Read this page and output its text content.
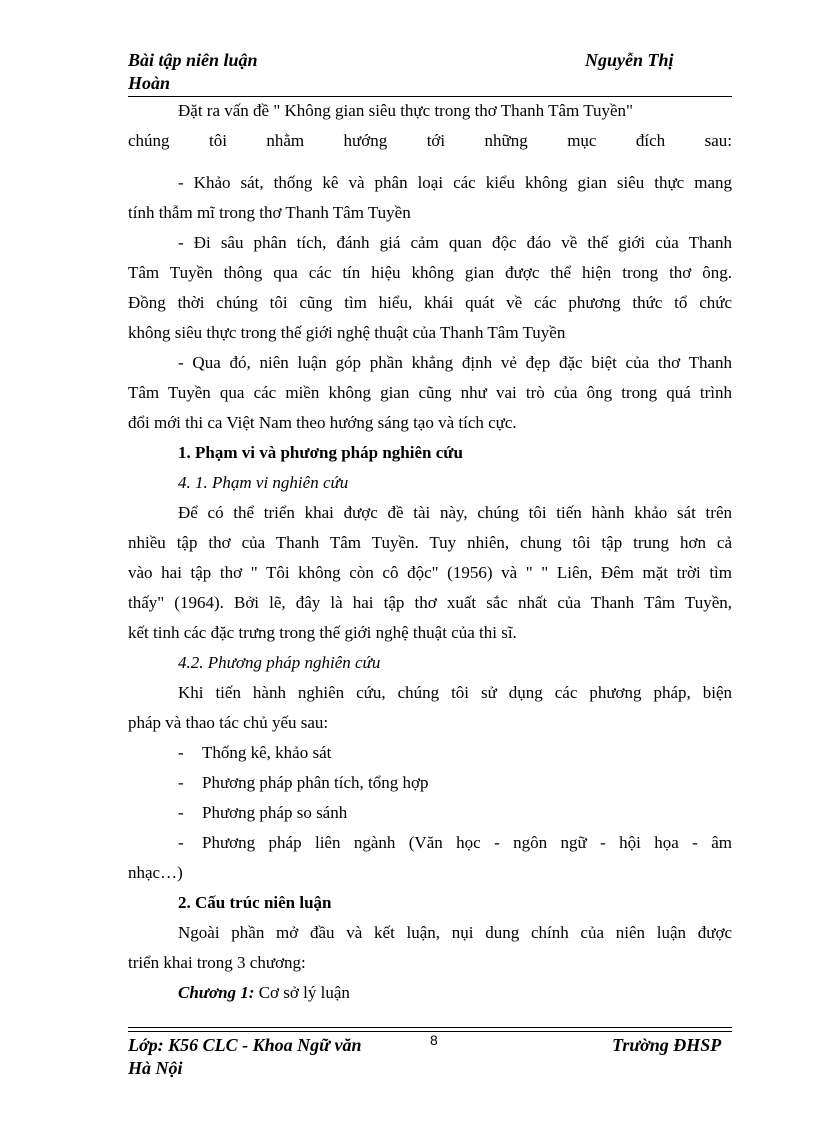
Bài tập niên luận	Nguyễn Thị
Hoàn
Đặt ra vấn đề " Không gian siêu thực trong thơ Thanh Tâm Tuyền"
chúng tôi nhằm hướng tới những mục đích sau:
- Khảo sát, thống kê và phân loại các kiểu không gian siêu thực mang
tính thẫm mĩ trong thơ Thanh Tâm Tuyền
- Đi sâu phân tích, đánh giá cảm quan độc đáo về thế giới của Thanh
Tâm Tuyền thông qua các tín hiệu không gian được thể hiện trong thơ ông.
Đồng thời chúng tôi cũng tìm hiểu, khái quát về các phương thức tổ chức
không siêu thực trong thế giới nghệ thuật của Thanh Tâm Tuyền
- Qua đó, niên luận góp phần khẳng định vẻ đẹp đặc biệt của thơ Thanh
Tâm Tuyền qua các miền không gian cũng như vai trò của ông trong quá trình
đổi mới thi ca Việt Nam theo hướng sáng tạo và tích cực.
1. Phạm vi và phương pháp nghiên cứu
4. 1. Phạm vi nghiên cứu
Để có thể triển khai được đề tài này, chúng tôi tiến hành khảo sát trên
nhiều tập thơ của Thanh Tâm Tuyền. Tuy nhiên, chung tôi tập trung hơn cả
vào hai tập thơ " Tôi không còn cô độc" (1956) và " " Liên, Đêm mặt trời tìm
thấy" (1964). Bởi lẽ, đây là hai tập thơ xuất sắc nhất của Thanh Tâm Tuyền,
kết tinh các đặc trưng trong thế giới nghệ thuật của thi sĩ.
4.2. Phương pháp nghiên cứu
Khi tiến hành nghiên cứu, chúng tôi sử dụng các phương pháp, biện
pháp và thao tác chủ yếu sau:
- Thống kê, khảo sát
- Phương pháp phân tích, tổng hợp
- Phương pháp so sánh
- Phương pháp liên ngành (Văn học - ngôn ngữ - hội họa - âm
nhạc…)
2. Cấu trúc niên luận
Ngoài phần mở đầu và kết luận, nụi dung chính của niên luận được
triển khai trong 3 chương:
Chương 1: Cơ sở lý luận
Lớp: K56 CLC - Khoa Ngữ văn	8	Trường ĐHSP
Hà Nội
